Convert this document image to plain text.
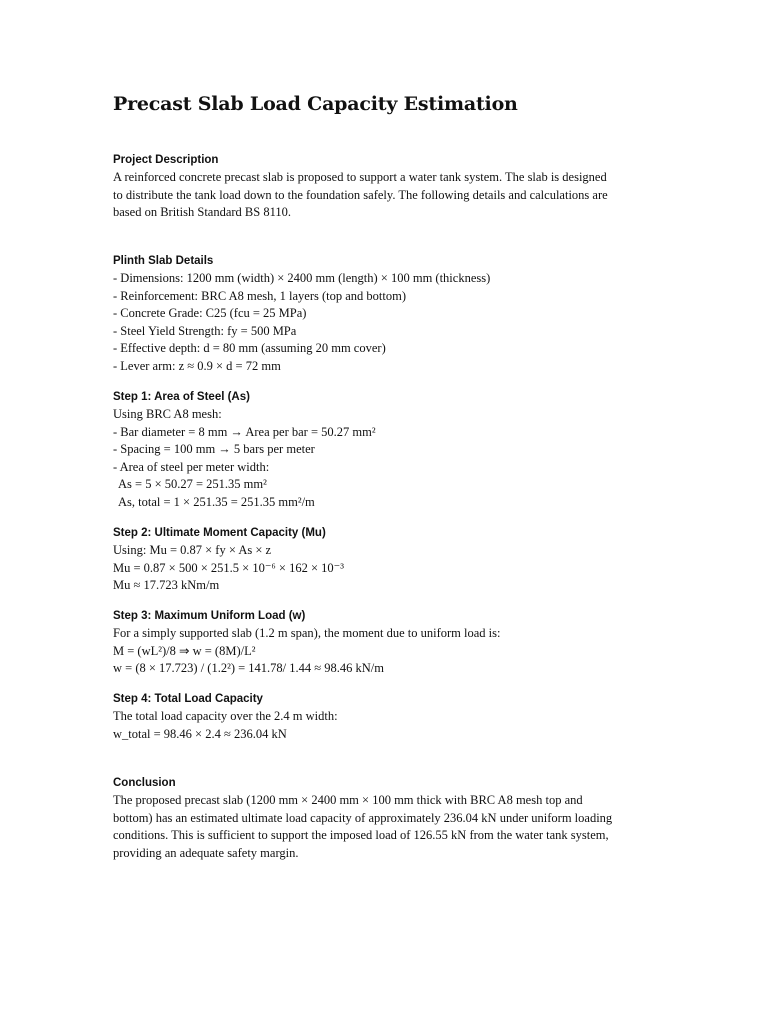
Precast Slab Load Capacity Estimation
Project Description
A reinforced concrete precast slab is proposed to support a water tank system. The slab is designed
to distribute the tank load down to the foundation safely. The following details and calculations are
based on British Standard BS 8110.
Plinth Slab Details
- Dimensions: 1200 mm (width) × 2400 mm (length) × 100 mm (thickness)
- Reinforcement: BRC A8 mesh, 1 layers (top and bottom)
- Concrete Grade: C25 (fcu = 25 MPa)
- Steel Yield Strength: fy = 500 MPa
- Effective depth: d = 80 mm (assuming 20 mm cover)
- Lever arm: z ≈ 0.9 × d = 72 mm
Step 1: Area of Steel (As)
Using BRC A8 mesh:
- Bar diameter = 8 mm → Area per bar = 50.27 mm²
- Spacing = 100 mm → 5 bars per meter
- Area of steel per meter width:
As = 5 × 50.27 = 251.35 mm²
As, total = 1 × 251.35 = 251.35 mm²/m
Step 2: Ultimate Moment Capacity (Mu)
Using: Mu = 0.87 × fy × As × z
Mu = 0.87 × 500 × 251.5 × 10⁻⁶ × 162 × 10⁻³
Mu ≈ 17.723 kNm/m
Step 3: Maximum Uniform Load (w)
For a simply supported slab (1.2 m span), the moment due to uniform load is:
M = (wL²)/8 ⇒ w = (8M)/L²
w = (8 × 17.723) / (1.2²) = 141.78/ 1.44 ≈ 98.46 kN/m
Step 4: Total Load Capacity
The total load capacity over the 2.4 m width:
w_total = 98.46 × 2.4 ≈ 236.04 kN
Conclusion
The proposed precast slab (1200 mm × 2400 mm × 100 mm thick with BRC A8 mesh top and
bottom) has an estimated ultimate load capacity of approximately 236.04 kN under uniform loading
conditions. This is sufficient to support the imposed load of 126.55 kN from the water tank system,
providing an adequate safety margin.
